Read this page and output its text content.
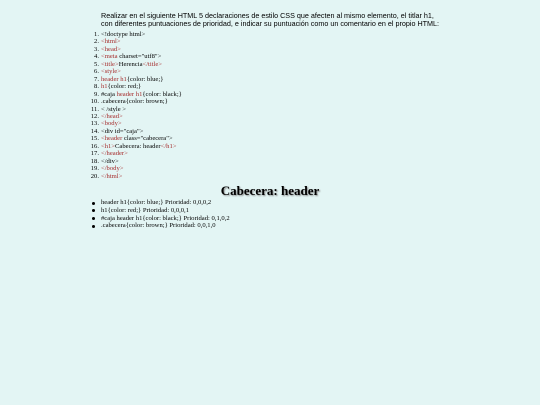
Realizar en el siguiente HTML 5 declaraciones de estilo CSS que afecten al mismo elemento, el titlar h1, con diferentes puntuaciones de prioridad, e indicar su puntuación como un comentario en el propio HTML:

1. <!doctype html>
2. <html>
3. <head>
4. <meta charset="utf8">
5. <title>Herencia</title>
6. <style>
7. header h1{color: blue;}
8. h1{color: red;}
9. #caja header h1{color: black;}
10. .cabecera{color: brown;}
11. < /style >
12. </head>
13. <body>
14. <div id="caja">
15. <header class="cabecera">
16. <h1>Cabecera: header</h1>
17. </header>
18. </div>
19. </body>
20. </html>
Cabecera: header
header h1{color: blue;} Prioridad: 0,0,0,2
h1{color: red;} Prioridad: 0,0,0,1
#caja header h1{color: black;} Prioridad: 0,1,0,2
.cabecera{color: brown;} Prioridad: 0,0,1,0
